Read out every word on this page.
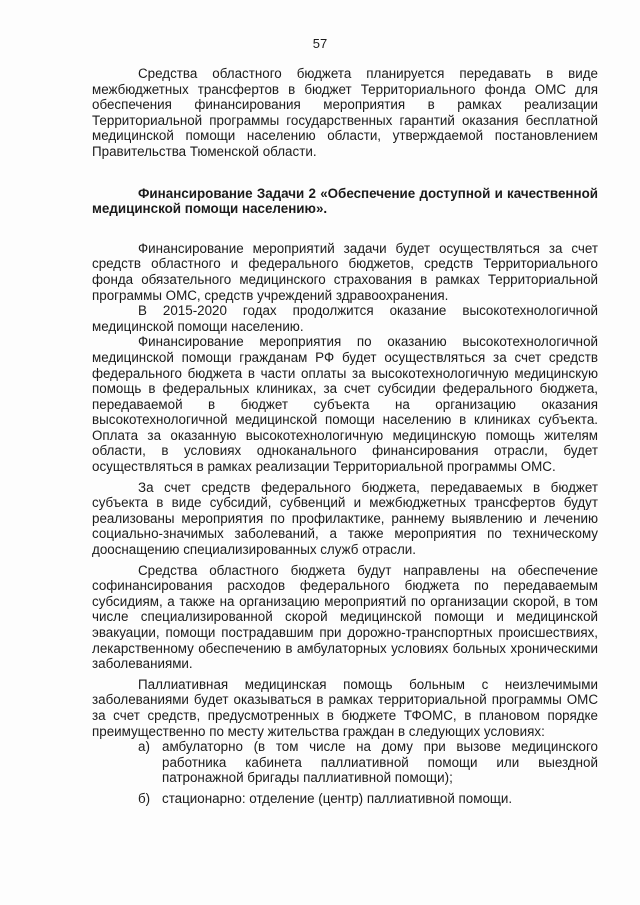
57

Средства областного бюджета планируется передавать в виде межбюджетных трансфертов в бюджет Территориального фонда ОМС для обеспечения финансирования мероприятия в рамках реализации Территориальной программы государственных гарантий оказания бесплатной медицинской помощи населению области, утверждаемой постановлением Правительства Тюменской области.

Финансирование Задачи 2 «Обеспечение доступной и качественной медицинской помощи населению».

Финансирование мероприятий задачи будет осуществляться за счет средств областного и федерального бюджетов, средств Территориального фонда обязательного медицинского страхования в рамках Территориальной программы ОМС, средств учреждений здравоохранения.

В 2015-2020 годах продолжится оказание высокотехнологичной медицинской помощи населению.

Финансирование мероприятия по оказанию высокотехнологичной медицинской помощи гражданам РФ будет осуществляться за счет средств федерального бюджета в части оплаты за высокотехнологичную медицинскую помощь в федеральных клиниках, за счет субсидии федерального бюджета, передаваемой в бюджет субъекта на организацию оказания высокотехнологичной медицинской помощи населению в клиниках субъекта. Оплата за оказанную высокотехнологичную медицинскую помощь жителям области, в условиях одноканального финансирования отрасли, будет осуществляться в рамках реализации Территориальной программы ОМС.

За счет средств федерального бюджета, передаваемых в бюджет субъекта в виде субсидий, субвенций и межбюджетных трансфертов будут реализованы мероприятия по профилактике, раннему выявлению и лечению социально-значимых заболеваний, а также мероприятия по техническому дооснащению специализированных служб отрасли.

Средства областного бюджета будут направлены на обеспечение софинансирования расходов федерального бюджета по передаваемым субсидиям, а также на организацию мероприятий по организации скорой, в том числе специализированной скорой медицинской помощи и медицинской эвакуации, помощи пострадавшим при дорожно-транспортных происшествиях, лекарственному обеспечению в амбулаторных условиях больных хроническими заболеваниями.

Паллиативная медицинская помощь больным с неизлечимыми заболеваниями будет оказываться в рамках территориальной программы ОМС за счет средств, предусмотренных в бюджете ТФОМС, в плановом порядке преимущественно по месту жительства граждан в следующих условиях:

а) амбулаторно (в том числе на дому при вызове медицинского работника кабинета паллиативной помощи или выездной патронажной бригады паллиативной помощи);
б) стационарно: отделение (центр) паллиативной помощи.
